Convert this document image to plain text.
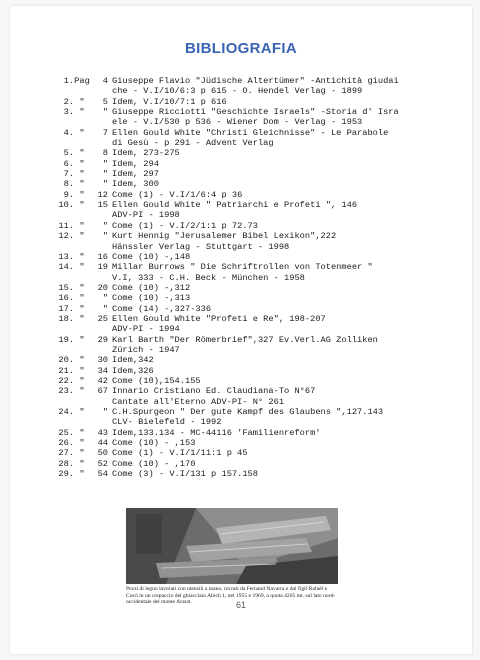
BIBLIOGRAFIA
1. Pag	4 Giuseppe Flavio "Jüdische Altertümer" -Antichità giudai
che - V.I/10/6:3 p 615 - O. Hendel Verlag - 1899
2. "	5 Idem, V.I/10/7:1 p 616
3. "	" Giuseppe Ricciotti "Geschichte Israels" -Storia d' Isra
ele - V.I/530 p 536 - Wiener Dom - Verlag - 1953
4. "	7 Ellen Gould White "Christi Gleichnisse" - Le Parabole
di Gesù - p 291 - Advent Verlag
5. "	8 Idem, 273-275
6. "	" Idem, 294
7. "	" Idem, 297
8. "	" Idem, 300
9. "	12 Come (1) - V.I/1/6:4 p 36
10. "	15 Ellen Gould White " Patriarchi e Profeti ", 146
ADV-PI - 1998
11. "	" Come (1) - V.I/2/1:1 p 72.73
12. "	" Kurt Hennig "Jerusalemer Bibel Lexikon",222
Hänssler Verlag - Stuttgart - 1998
13. "	16 Come (10) -,148
14. "	19 Millar Burrows " Die Schriftrollen von Totenmeer "
V.I, 333 - C.H. Beck - München - 1958
15. "	20 Come (10) -,312
16. "	" Come (10) -,313
17. "	" Come (14) -,327-336
18. "	25 Ellen Gould White "Profeti e Re", 198-207
ADV-PI - 1994
19. "	29 Karl Barth "Der Römerbrief",327 Ev.Verl.AG Zolliken
Zürich - 1947
20. "	30 Idem,342
21. "	34 Idem,326
22. "	42 Come (10),154.155
23. "	67 Innario Cristiano Ed. Claudiana-To N°67
Cantate all'Eterno ADV-PI- N° 261
24. "	" C.H.Spurgeon " Der gute Kampf des Glaubens ",127.143
CLV- Bielefeld - 1992
25. "	43 Idem,133.134 - MC-44116 'Familienreform'
26. "	44 Come (10) - ,153
27. "	50 Come (1) - V.I/1/11:1 p 45
28. "	52 Come (10) - ,170
29. "	54 Come (3) - V.I/131 p 157.158
Pezzi di legno lavorati con utensili a mano, trovati da Fernand Navarra e dai figli Rafaël e Cocò in un crepaccio del ghiacciaio Abich 1, nel 1955 e 1969, a quota 4265 mt. sul lato nord-occidentale del monte Ararat.	61
